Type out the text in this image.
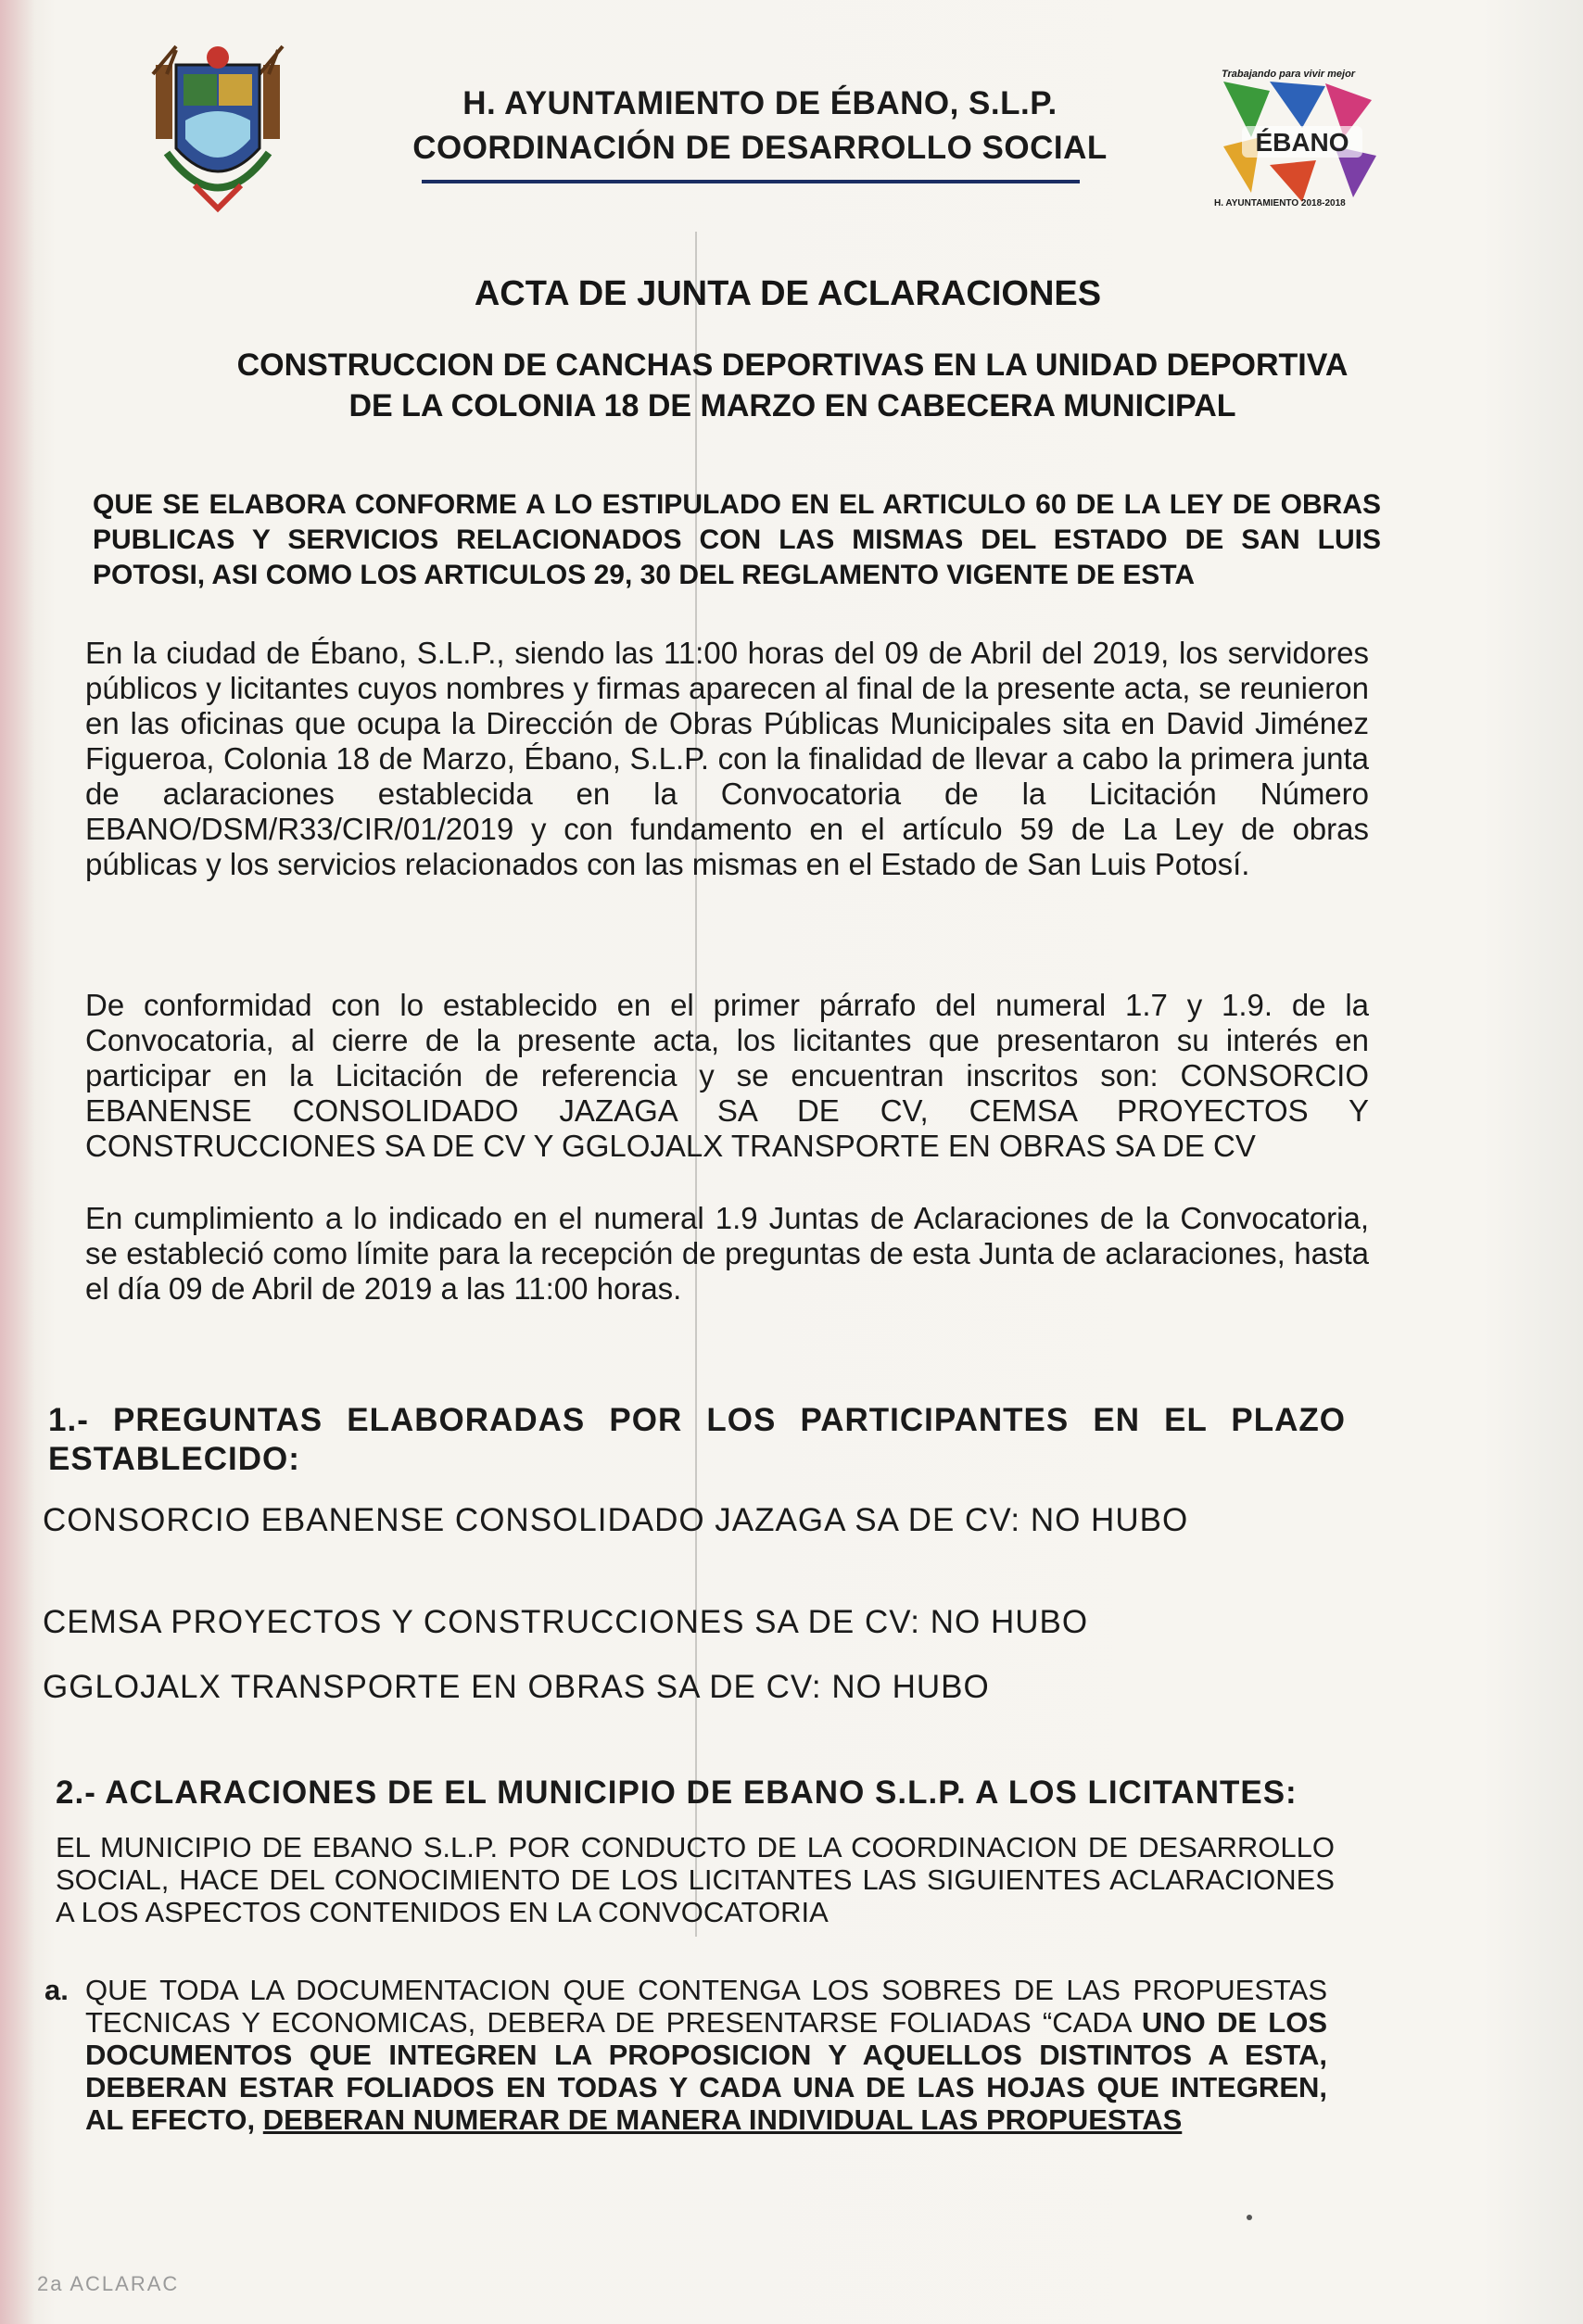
H. AYUNTAMIENTO DE ÉBANO, S.L.P.
COORDINACIÓN DE DESARROLLO SOCIAL
Trabajando para vivir mejor
ÉBANO
H. AYUNTAMIENTO 2018-2018
ACTA DE JUNTA DE ACLARACIONES
CONSTRUCCION DE CANCHAS DEPORTIVAS EN LA UNIDAD DEPORTIVA DE LA COLONIA 18 DE MARZO EN CABECERA MUNICIPAL
QUE SE ELABORA CONFORME A LO ESTIPULADO EN EL ARTICULO 60 DE LA LEY DE OBRAS PUBLICAS Y SERVICIOS RELACIONADOS CON LAS MISMAS DEL ESTADO DE SAN LUIS POTOSI, ASI COMO LOS ARTICULOS 29, 30 DEL REGLAMENTO VIGENTE DE ESTA
En la ciudad de Ébano, S.L.P., siendo las 11:00 horas del 09 de Abril del 2019, los servidores públicos y licitantes cuyos nombres y firmas aparecen al final de la presente acta, se reunieron en las oficinas que ocupa la Dirección de Obras Públicas Municipales sita en David Jiménez Figueroa, Colonia 18 de Marzo, Ébano, S.L.P. con la finalidad de llevar a cabo la primera junta de aclaraciones establecida en la Convocatoria de la Licitación Número EBANO/DSM/R33/CIR/01/2019 y con fundamento en el artículo 59 de La Ley de obras públicas y los servicios relacionados con las mismas en el Estado de San Luis Potosí.
De conformidad con lo establecido en el primer párrafo del numeral 1.7 y 1.9. de la Convocatoria, al cierre de la presente acta, los licitantes que presentaron su interés en participar en la Licitación de referencia y se encuentran inscritos son: CONSORCIO EBANENSE CONSOLIDADO JAZAGA SA DE CV, CEMSA PROYECTOS Y CONSTRUCCIONES SA DE CV Y GGLOJALX TRANSPORTE EN OBRAS SA DE CV
En cumplimiento a lo indicado en el numeral 1.9 Juntas de Aclaraciones de la Convocatoria, se estableció como límite para la recepción de preguntas de esta Junta de aclaraciones, hasta el día 09 de Abril de 2019 a las 11:00 horas.
1.- PREGUNTAS ELABORADAS POR LOS PARTICIPANTES EN EL PLAZO ESTABLECIDO:
CONSORCIO EBANENSE CONSOLIDADO JAZAGA SA DE CV: NO HUBO
CEMSA PROYECTOS Y CONSTRUCCIONES SA DE CV: NO HUBO
GGLOJALX TRANSPORTE EN OBRAS SA DE CV: NO HUBO
2.- ACLARACIONES DE EL MUNICIPIO DE EBANO S.L.P. A LOS LICITANTES:
EL MUNICIPIO DE EBANO S.L.P. POR CONDUCTO DE LA COORDINACION DE DESARROLLO SOCIAL, HACE DEL CONOCIMIENTO DE LOS LICITANTES LAS SIGUIENTES ACLARACIONES A LOS ASPECTOS CONTENIDOS EN LA CONVOCATORIA
a. QUE TODA LA DOCUMENTACION QUE CONTENGA LOS SOBRES DE LAS PROPUESTAS TECNICAS Y ECONOMICAS, DEBERA DE PRESENTARSE FOLIADAS “CADA UNO DE LOS DOCUMENTOS QUE INTEGREN LA PROPOSICION Y AQUELLOS DISTINTOS A ESTA, DEBERAN ESTAR FOLIADOS EN TODAS Y CADA UNA DE LAS HOJAS QUE INTEGREN, AL EFECTO, DEBERAN NUMERAR DE MANERA INDIVIDUAL LAS PROPUESTAS
2a ACLARAC
